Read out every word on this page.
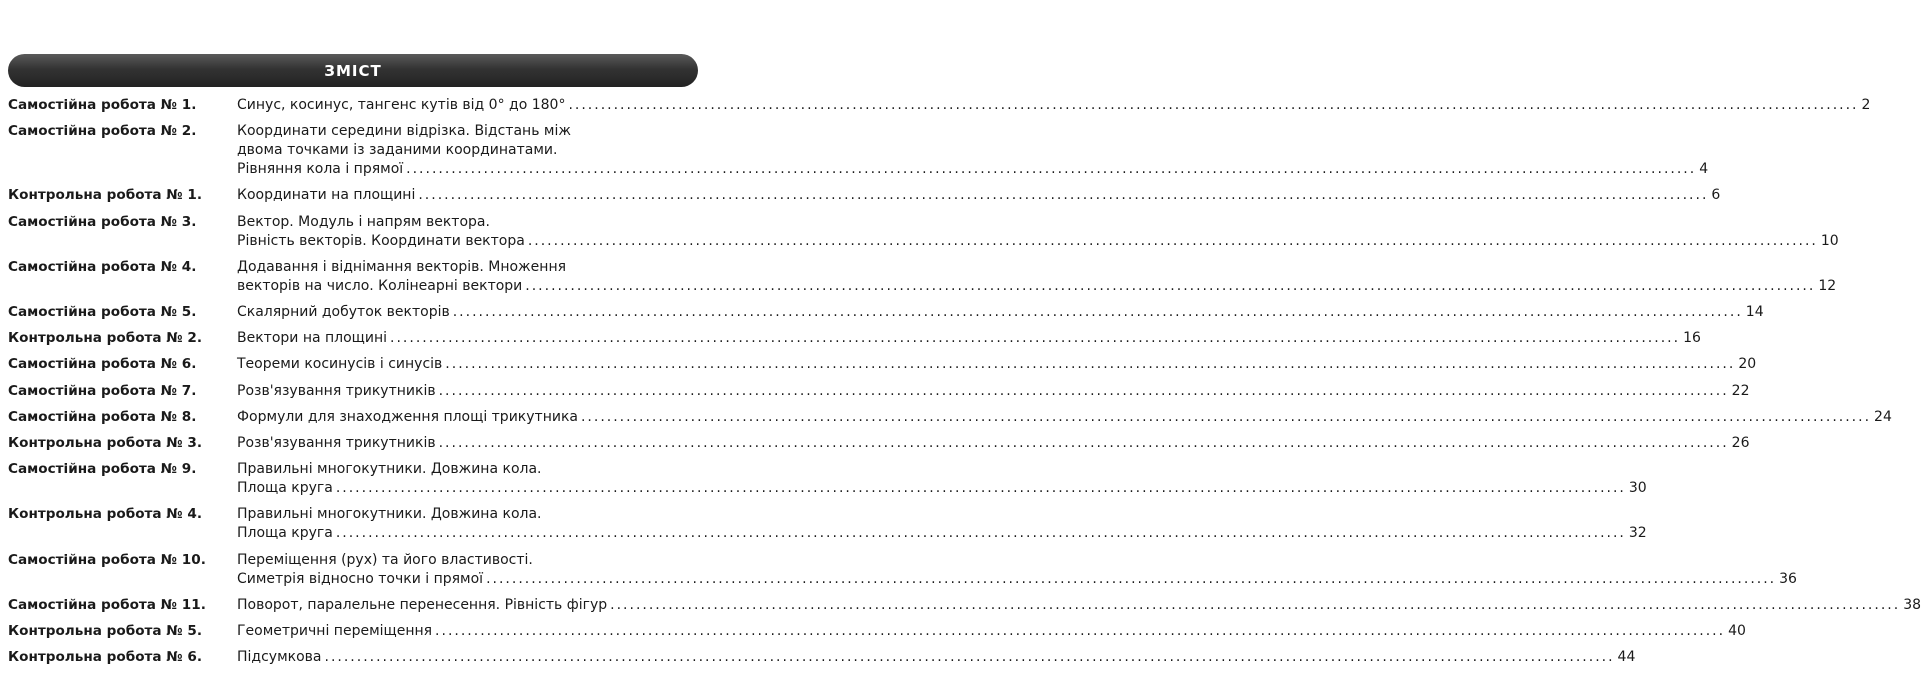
ЗМІСТ
Самостійна робота № 1.	Синус, косинус, тангенс кутів від 0° до 180° ........................................................................................................................................................................................................ 2
Самостійна робота № 2.	Координати середини відрізка. Відстань між
двома точками із заданими координатами.
Рівняння кола і прямої ........................................................................................................................................................................................................ 4
Контрольна робота № 1.	Координати на площині ........................................................................................................................................................................................................ 6
Самостійна робота № 3.	Вектор. Модуль і напрям вектора.
Рівність векторів. Координати вектора ........................................................................................................................................................................................................ 10
Самостійна робота № 4.	Додавання і віднімання векторів. Множення
векторів на число. Колінеарні вектори ........................................................................................................................................................................................................ 12
Самостійна робота № 5.	Скалярний добуток векторів ........................................................................................................................................................................................................ 14
Контрольна робота № 2.	Вектори на площині ........................................................................................................................................................................................................ 16
Самостійна робота № 6.	Теореми косинусів і синусів ........................................................................................................................................................................................................ 20
Самостійна робота № 7.	Розв'язування трикутників ........................................................................................................................................................................................................ 22
Самостійна робота № 8.	Формули для знаходження площі трикутника ........................................................................................................................................................................................................ 24
Контрольна робота № 3.	Розв'язування трикутників ........................................................................................................................................................................................................ 26
Самостійна робота № 9.	Правильні многокутники. Довжина кола.
Площа круга ........................................................................................................................................................................................................ 30
Контрольна робота № 4.	Правильні многокутники. Довжина кола.
Площа круга ........................................................................................................................................................................................................ 32
Самостійна робота № 10.	Переміщення (рух) та його властивості.
Симетрія відносно точки і прямої ........................................................................................................................................................................................................ 36
Самостійна робота № 11.	Поворот, паралельне перенесення. Рівність фігур ........................................................................................................................................................................................................ 38
Контрольна робота № 5.	Геометричні переміщення ........................................................................................................................................................................................................ 40
Контрольна робота № 6.	Підсумкова ........................................................................................................................................................................................................ 44
